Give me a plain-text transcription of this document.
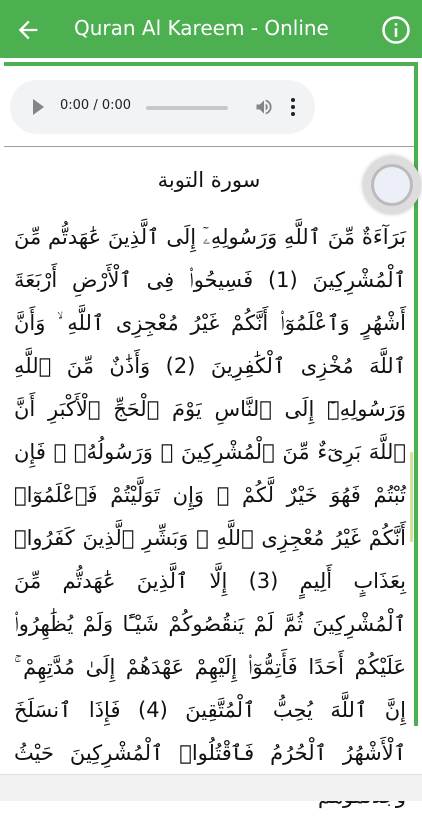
Quran Al Kareem - Online
0:00 / 0:00
سورة التوبة
بَرَآءَةٌ مِّنَ ٱللَّهِ وَرَسُولِهِۦٓ إِلَى ٱلَّذِينَ عَٰهَدتُّم مِّنَ ٱلْمُشْرِكِينَ (1) فَسِيحُوا۟ فِى ٱلْأَرْضِ أَرْبَعَةَ أَشْهُرٍ وَٱعْلَمُوٓا۟ أَنَّكُمْ غَيْرُ مُعْجِزِى ٱللَّهِ ۙ وَأَنَّ ٱللَّهَ مُخْزِى ٱلْكَٰفِرِينَ (2) وَأَذَٰنٌ مِّنَ ٱللَّهِ وَرَسُولِهِۦٓ إِلَى ٱلنَّاسِ يَوْمَ ٱلْحَجِّ ٱلْأَكْبَرِ أَنَّ ٱللَّهَ بَرِىٓءٌ مِّنَ ٱلْمُشْرِكِينَ ۙ وَرَسُولُهُۥ ۚ فَإِن تُبْتُمْ فَهُوَ خَيْرٌ لَّكُمْ ۖ وَإِن تَوَلَّيْتُمْ فَٱعْلَمُوٓا۟ أَنَّكُمْ غَيْرُ مُعْجِزِى ٱللَّهِ ۗ وَبَشِّرِ ٱلَّذِينَ كَفَرُوا۟ بِعَذَابٍ أَلِيمٍ (3) إِلَّا ٱلَّذِينَ عَٰهَدتُّم مِّنَ ٱلْمُشْرِكِينَ ثُمَّ لَمْ يَنقُصُوكُمْ شَيْـًٔا وَلَمْ يُظَٰهِرُوا۟ عَلَيْكُمْ أَحَدًا فَأَتِمُّوٓا۟ إِلَيْهِمْ عَهْدَهُمْ إِلَىٰ مُدَّتِهِمْ ۚ إِنَّ ٱللَّهَ يُحِبُّ ٱلْمُتَّقِينَ (4) فَإِذَا ٱنسَلَخَ ٱلْأَشْهُرُ ٱلْحُرُمُ فَٱقْتُلُوا۟ ٱلْمُشْرِكِينَ حَيْثُ
